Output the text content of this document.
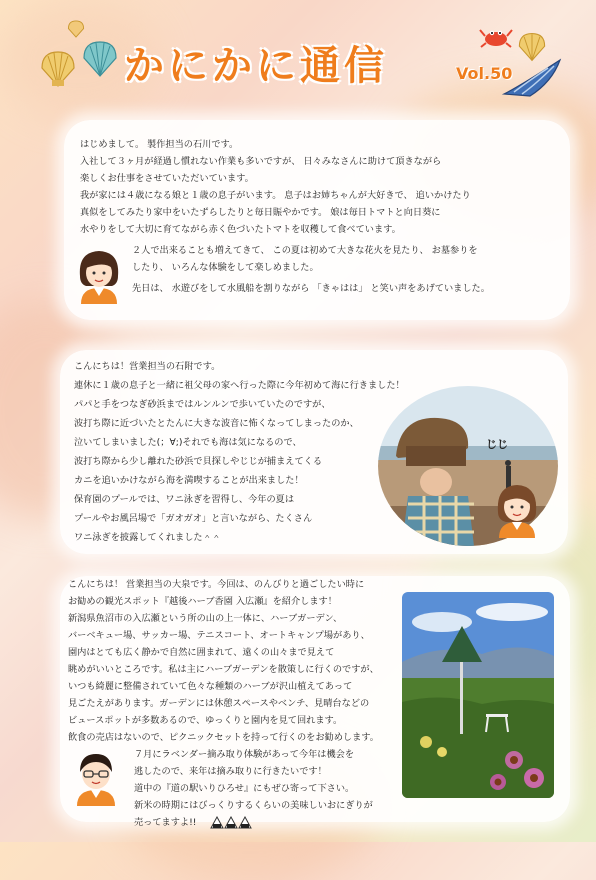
かにかに通信	Vol.50
はじめまして。 製作担当の石川です。
入社して３ヶ月が経過し慣れない作業も多いですが、 日々みなさんに助けて頂きながら
楽しくお仕事をさせていただいています。
我が家には４歳になる娘と１歳の息子がいます。 息子はお姉ちゃんが大好きで、 追いかけたり
真似をしてみたり家中をいたずらしたりと毎日賑やかです。 娘は毎日トマトと向日葵に
水やりをして大切に育てながら赤く色づいたトマトを収穫して食べています。
２人で出来ることも増えてきて、 この夏は初めて大きな花火を見たり、 お墓参りを
したり、 いろんな体験をして楽しめました。
先日は、 水遊びをして水風船を割りながら 「きゃはは」 と笑い声をあげていました。
こんにちは！営業担当の石附です。
連休に１歳の息子と一緒に祖父母の家へ行った際に今年初めて海に行きました！
パパと手をつなぎ砂浜まではルンルンで歩いていたのですが、
波打ち際に近づいたとたんに大きな波音に怖くなってしまったのか、
泣いてしまいました(；∀;)それでも海は気になるので、
波打ち際から少し離れた砂浜で貝探しやじじが捕まえてくる
カニを追いかけながら海を満喫することが出来ました！
保育園のプールでは、ワニ泳ぎを習得し、今年の夏は
プールやお風呂場で「ガオガオ」と言いながら、たくさん
ワニ泳ぎを披露してくれました＾＾
じじ
こんにちは！ 営業担当の大泉です。今回は、のんびりと過ごしたい時に
お勧めの観光スポット『越後ハーブ香園 入広瀬』を紹介します！
新潟県魚沼市の入広瀬という所の山の上一体に、ハーブガーデン、
バーベキュー場、サッカー場、テニスコート、オートキャンプ場があり、
園内はとても広く静かで自然に囲まれて、遠くの山々まで見えて
眺めがいいところです。私は主にハーブガーデンを散策しに行くのですが、
いつも綺麗に整備されていて色々な種類のハーブが沢山植えてあって
見ごたえがあります。ガーデンには休憩スペースやベンチ、見晴台などの
ビュースポットが多数あるので、ゆっくりと園内を見て回れます。
飲食の売店はないので、ピクニックセットを持って行くのをお勧めします。
７月にラベンダー摘み取り体験があって今年は機会を
逃したので、来年は摘み取りに行きたいです！
道中の『道の駅いりひろせ』にもぜひ寄って下さい。
新米の時期にはびっくりするくらいの美味しいおにぎりが
売ってますよ!!
